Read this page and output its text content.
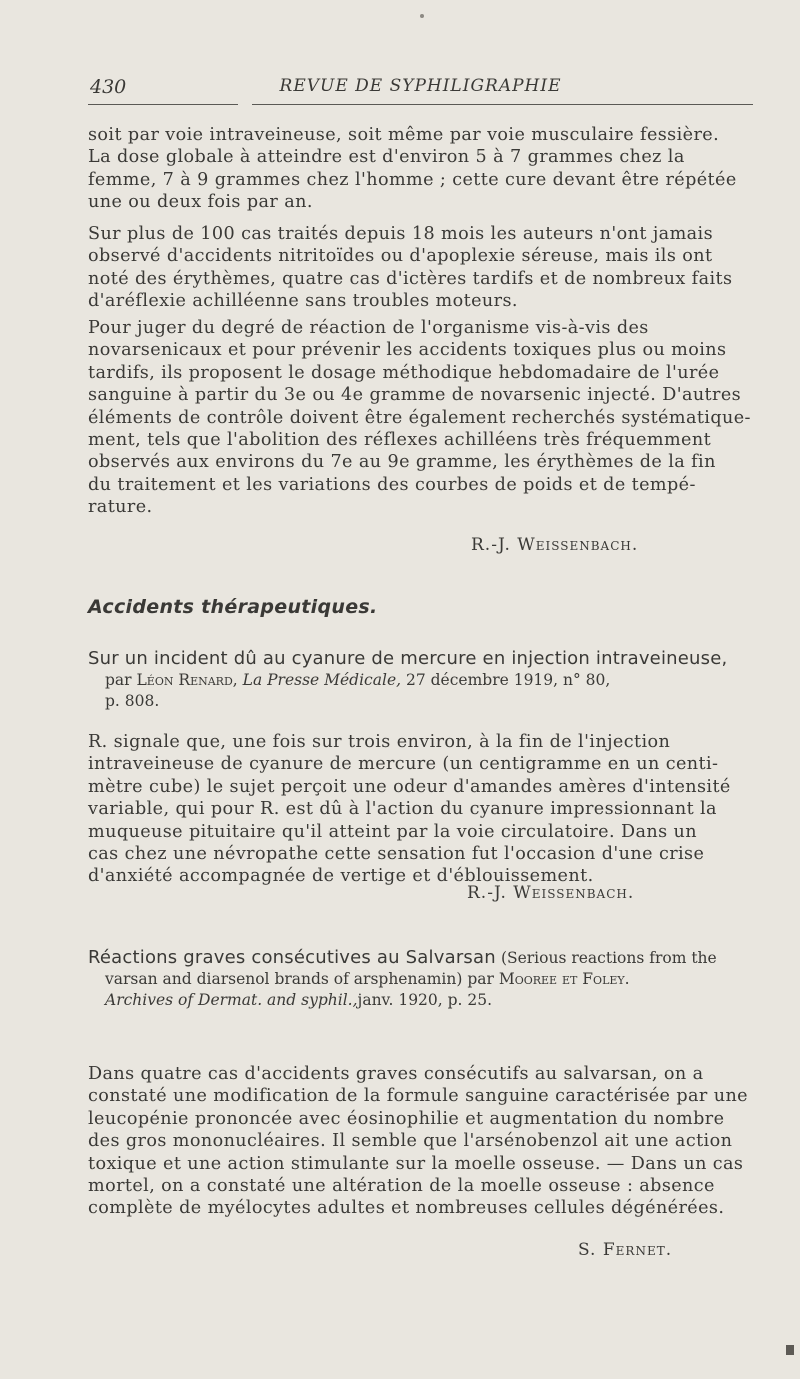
430	REVUE DE SYPHILIGRAPHIE
soit par voie intraveineuse, soit même par voie musculaire fessière.
La dose globale à atteindre est d'environ 5 à 7 grammes chez la
femme, 7 à 9 grammes chez l'homme ; cette cure devant être répétée
une ou deux fois par an.
Sur plus de 100 cas traités depuis 18 mois les auteurs n'ont jamais
observé d'accidents nitritoïdes ou d'apoplexie séreuse, mais ils ont
noté des érythèmes, quatre cas d'ictères tardifs et de nombreux faits
d'aréflexie achilléenne sans troubles moteurs.
Pour juger du degré de réaction de l'organisme vis-à-vis des
novarsenicaux et pour prévenir les accidents toxiques plus ou moins
tardifs, ils proposent le dosage méthodique hebdomadaire de l'urée
sanguine à partir du 3e ou 4e gramme de novarsenic injecté. D'autres
éléments de contrôle doivent être également recherchés systématique-
ment, tels que l'abolition des réflexes achilléens très fréquemment
observés aux environs du 7e au 9e gramme, les érythèmes de la fin
du traitement et les variations des courbes de poids et de tempé-
rature.
R.-J. Weissenbach.
Accidents thérapeutiques.
Sur un incident dû au cyanure de mercure en injection intraveineuse,
par Léon Renard, La Presse Médicale, 27 décembre 1919, n° 80,
p. 808.
R. signale que, une fois sur trois environ, à la fin de l'injection
intraveineuse de cyanure de mercure (un centigramme en un centi-
mètre cube) le sujet perçoit une odeur d'amandes amères d'intensité
variable, qui pour R. est dû à l'action du cyanure impressionnant la
muqueuse pituitaire qu'il atteint par la voie circulatoire. Dans un
cas chez une névropathe cette sensation fut l'occasion d'une crise
d'anxiété accompagnée de vertige et d'éblouissement.
R.-J. Weissenbach.
Réactions graves consécutives au Salvarsan (Serious reactions from the
varsan and diarsenol brands of arsphenamin) par Mooree et Foley.
Archives of Dermat. and syphil.,janv. 1920, p. 25.
Dans quatre cas d'accidents graves consécutifs au salvarsan, on a
constaté une modification de la formule sanguine caractérisée par une
leucopénie prononcée avec éosinophilie et augmentation du nombre
des gros mononucléaires. Il semble que l'arsénobenzol ait une action
toxique et une action stimulante sur la moelle osseuse. — Dans un cas
mortel, on a constaté une altération de la moelle osseuse : absence
complète de myélocytes adultes et nombreuses cellules dégénérées.
S. Fernet.
